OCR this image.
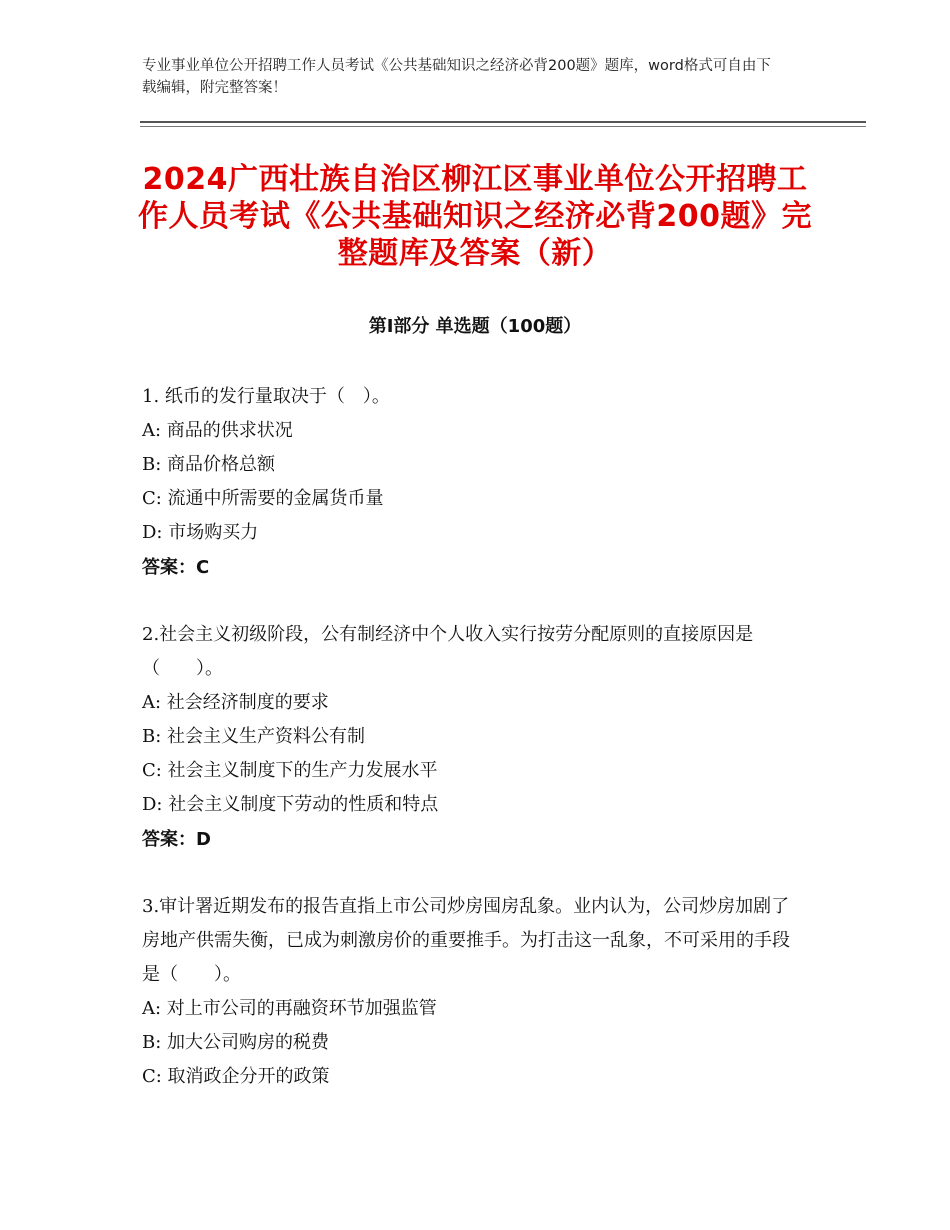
专业事业单位公开招聘工作人员考试《公共基础知识之经济必背200题》题库，word格式可自由下载编辑，附完整答案！
2024广西壮族自治区柳江区事业单位公开招聘工作人员考试《公共基础知识之经济必背200题》完整题库及答案（新）
第Ⅰ部分 单选题（100题）
1. 纸币的发行量取决于（　）。
A: 商品的供求状况
B: 商品价格总额
C: 流通中所需要的金属货币量
D: 市场购买力
答案：C
2.社会主义初级阶段，公有制经济中个人收入实行按劳分配原则的直接原因是（　　）。
A: 社会经济制度的要求
B: 社会主义生产资料公有制
C: 社会主义制度下的生产力发展水平
D: 社会主义制度下劳动的性质和特点
答案：D
3.审计署近期发布的报告直指上市公司炒房囤房乱象。业内认为，公司炒房加剧了房地产供需失衡，已成为刺激房价的重要推手。为打击这一乱象，不可采用的手段是（　　）。
A: 对上市公司的再融资环节加强监管
B: 加大公司购房的税费
C: 取消政企分开的政策
